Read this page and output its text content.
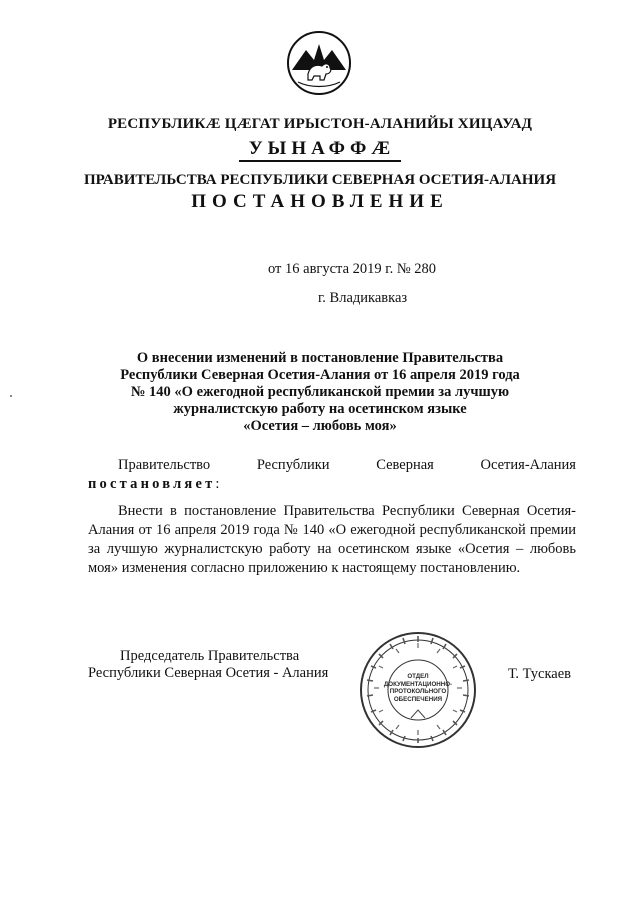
РЕСПУБЛИКӔ ЦӔГАТ ИРЫСТОН-АЛАНИЙЫ ХИЦАУАД
УЫНАФФӔ
ПРАВИТЕЛЬСТВА РЕСПУБЛИКИ СЕВЕРНАЯ ОСЕТИЯ-АЛАНИЯ
ПОСТАНОВЛЕНИЕ
от 16 августа 2019 г. № 280
г. Владикавказ
О внесении изменений в постановление Правительства
Республики Северная Осетия-Алания от 16 апреля 2019 года
№ 140 «О ежегодной республиканской премии за лучшую
журналистскую работу на осетинском языке
«Осетия – любовь моя»
Правительство	Республики	Северная	Осетия-Алания
постановляет:
Внести в постановление Правительства Республики Северная Осетия-Алания от 16 апреля 2019 года № 140 «О ежегодной республиканской премии за лучшую журналистскую работу на осетинском языке «Осетия – любовь моя» изменения согласно приложению к настоящему постановлению.
Председатель Правительства
Республики Северная Осетия - Алания	ОТДЕЛ
ДОКУМЕНТАЦИОННО-
ПРОТОКОЛЬНОГО
ОБЕСПЕЧЕНИЯ
Т. Тускаев
